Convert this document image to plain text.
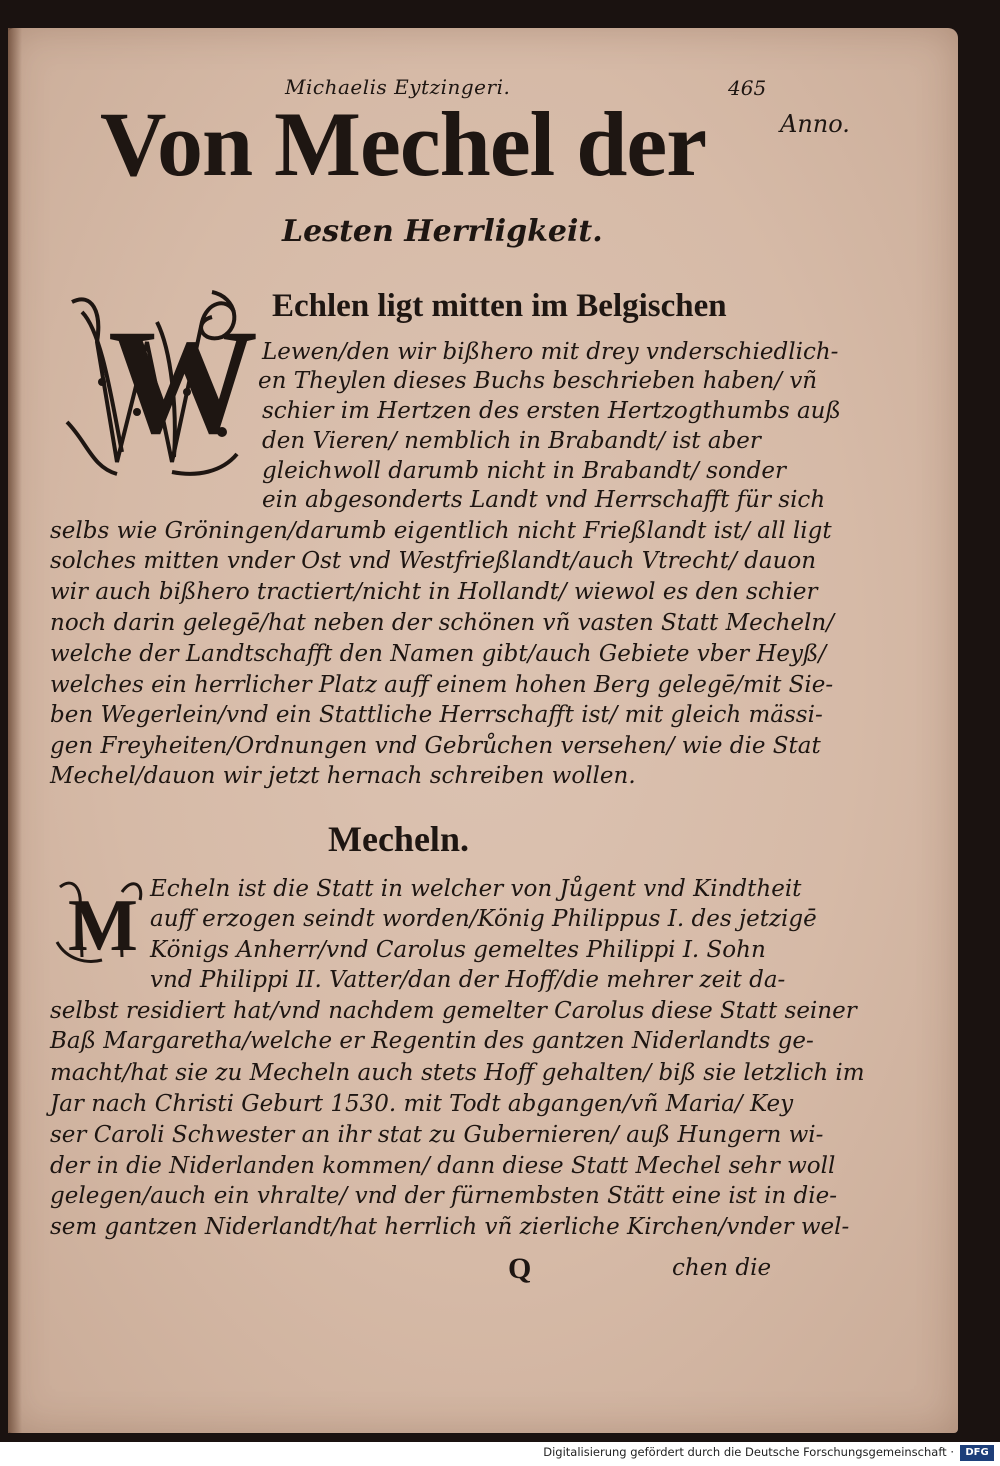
Michaelis Eytzingeri.	465
Anno.
Von Mechel der
Lesten Herrligkeit.
W Echlen ligt mitten im Belgischen
Lewen/den wir bißhero mit drey vnderschiedlich-
en Theylen dieses Buchs beschrieben haben/ vñ
schier im Hertzen des ersten Hertzogthumbs auß
den Vieren/ nemblich in Brabandt/ ist aber
gleichwoll darumb nicht in Brabandt/ sonder
ein abgesonderts Landt vnd Herrschafft für sich
selbs wie Gröningen/darumb eigentlich nicht Frießlandt ist/ all ligt
solches mitten vnder Ost vnd Westfrießlandt/auch Vtrecht/ dauon
wir auch bißhero tractiert/nicht in Hollandt/ wiewol es den schier
noch darin gelegē/hat neben der schönen vñ vasten Statt Mecheln/
welche der Landtschafft den Namen gibt/auch Gebiete vber Heyß/
welches ein herrlicher Platz auff einem hohen Berg gelegē/mit Sie-
ben Wegerlein/vnd ein Stattliche Herrschafft ist/ mit gleich mässi-
gen Freyheiten/Ordnungen vnd Gebrůchen versehen/ wie die Stat
Mechel/dauon wir jetzt hernach schreiben wollen.
Mecheln.
M Echeln ist die Statt in welcher von Jůgent vnd Kindtheit
auff erzogen seindt worden/König Philippus I. des jetzigē
Königs Anherr/vnd Carolus gemeltes Philippi I. Sohn
vnd Philippi II. Vatter/dan der Hoff/die mehrer zeit da-
selbst residiert hat/vnd nachdem gemelter Carolus diese Statt seiner
Baß Margaretha/welche er Regentin des gantzen Niderlandts ge-
macht/hat sie zu Mecheln auch stets Hoff gehalten/ biß sie letzlich im
Jar nach Christi Geburt 1530. mit Todt abgangen/vñ Maria/ Key
ser Caroli Schwester an ihr stat zu Gubernieren/ auß Hungern wi-
der in die Niderlanden kommen/ dann diese Statt Mechel sehr woll
gelegen/auch ein vhralte/ vnd der fürnembsten Stätt eine ist in die-
sem gantzen Niderlandt/hat herrlich vñ zierliche Kirchen/vnder wel-
Q	chen die
Digitalisierung gefördert durch die Deutsche Forschungsgemeinschaft ·	DFG
